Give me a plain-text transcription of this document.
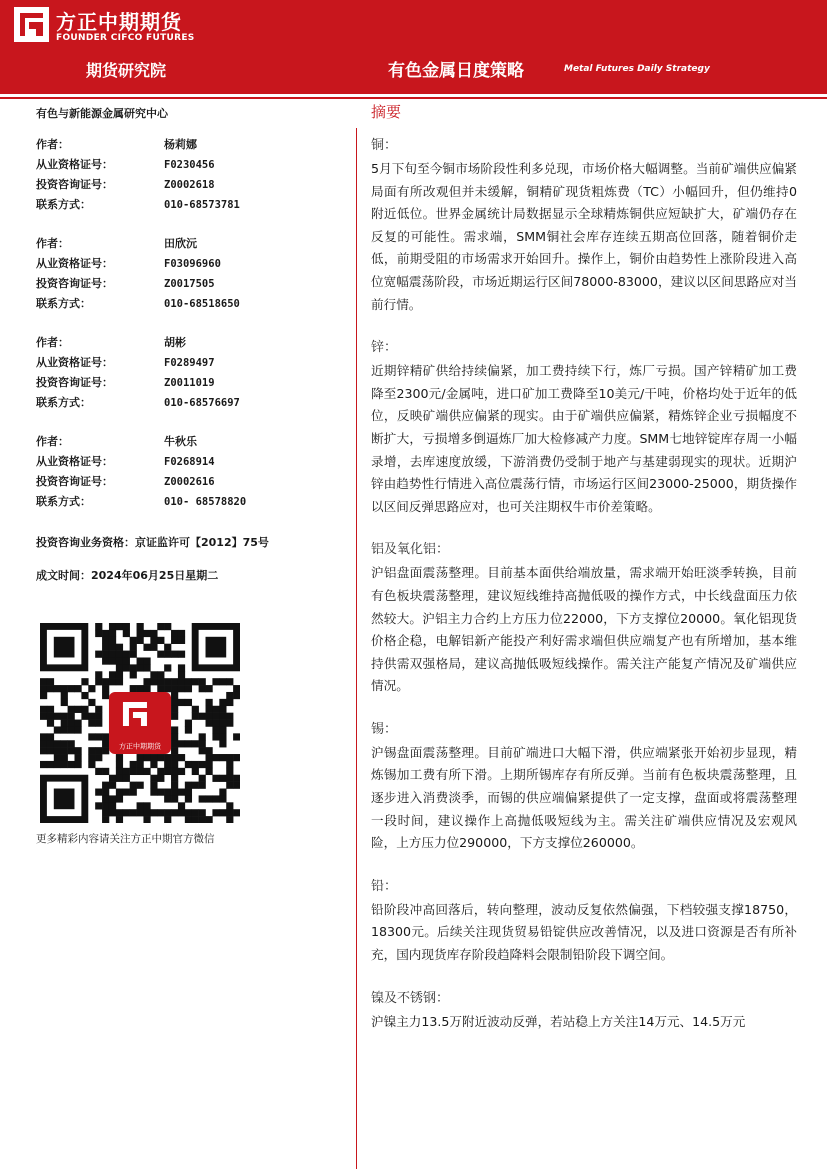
方正中期期货
FOUNDER CIFCO FUTURES
期货研究院	有色金属日度策略	Metal Futures Daily Strategy
有色与新能源金属研究中心
作者：	杨莉娜
从业资格证号：	F0230456
投资咨询证号：	Z0002618
联系方式：	010-68573781
作者：	田欣沅
从业资格证号：	F03096960
投资咨询证号：	Z0017505
联系方式：	010-68518650
作者：	胡彬
从业资格证号：	F0289497
投资咨询证号：	Z0011019
联系方式：	010-68576697
作者：	牛秋乐
从业资格证号：	F0268914
投资咨询证号：	Z0002616
联系方式：	010- 68578820
投资咨询业务资格：京证监许可【2012】75号
成文时间：2024年06月25日星期二
方正中期期货
更多精彩内容请关注方正中期官方微信
摘要
铜：
5月下旬至今铜市场阶段性利多兑现，市场价格大幅调整。当前矿端供应偏紧局面有所改观但并未缓解，铜精矿现货粗炼费（TC）小幅回升，但仍维持0附近低位。世界金属统计局数据显示全球精炼铜供应短缺扩大，矿端仍存在反复的可能性。需求端，SMM铜社会库存连续五期高位回落，随着铜价走低，前期受阻的市场需求开始回升。操作上，铜价由趋势性上涨阶段进入高位宽幅震荡阶段，市场近期运行区间78000-83000，建议以区间思路应对当前行情。
锌：
近期锌精矿供给持续偏紧，加工费持续下行，炼厂亏损。国产锌精矿加工费降至2300元/金属吨，进口矿加工费降至10美元/干吨，价格均处于近年的低位，反映矿端供应偏紧的现实。由于矿端供应偏紧，精炼锌企业亏损幅度不断扩大，亏损增多倒逼炼厂加大检修减产力度。SMM七地锌锭库存周一小幅录增，去库速度放缓，下游消费仍受制于地产与基建弱现实的现状。近期沪锌由趋势性行情进入高位震荡行情，市场运行区间23000-25000，期货操作以区间反弹思路应对，也可关注期权牛市价差策略。
铝及氧化铝：
沪铝盘面震荡整理。目前基本面供给端放量，需求端开始旺淡季转换，目前有色板块震荡整理，建议短线维持高抛低吸的操作方式，中长线盘面压力依然较大。沪铝主力合约上方压力位22000，下方支撑位20000。氧化铝现货价格企稳，电解铝新产能投产利好需求端但供应端复产也有所增加，基本维持供需双强格局，建议高抛低吸短线操作。需关注产能复产情况及矿端供应情况。
锡：
沪锡盘面震荡整理。目前矿端进口大幅下滑，供应端紧张开始初步显现，精炼锡加工费有所下滑。上期所锡库存有所反弹。当前有色板块震荡整理，且逐步进入消费淡季，而锡的供应端偏紧提供了一定支撑，盘面或将震荡整理一段时间，建议操作上高抛低吸短线为主。需关注矿端供应情况及宏观风险，上方压力位290000，下方支撑位260000。
铅：
铅阶段冲高回落后，转向整理，波动反复依然偏强，下档较强支撑18750，18300元。后续关注现货贸易铅锭供应改善情况，以及进口资源是否有所补充，国内现货库存阶段趋降料会限制铅阶段下调空间。
镍及不锈钢：
沪镍主力13.5万附近波动反弹，若站稳上方关注14万元、14.5万元
